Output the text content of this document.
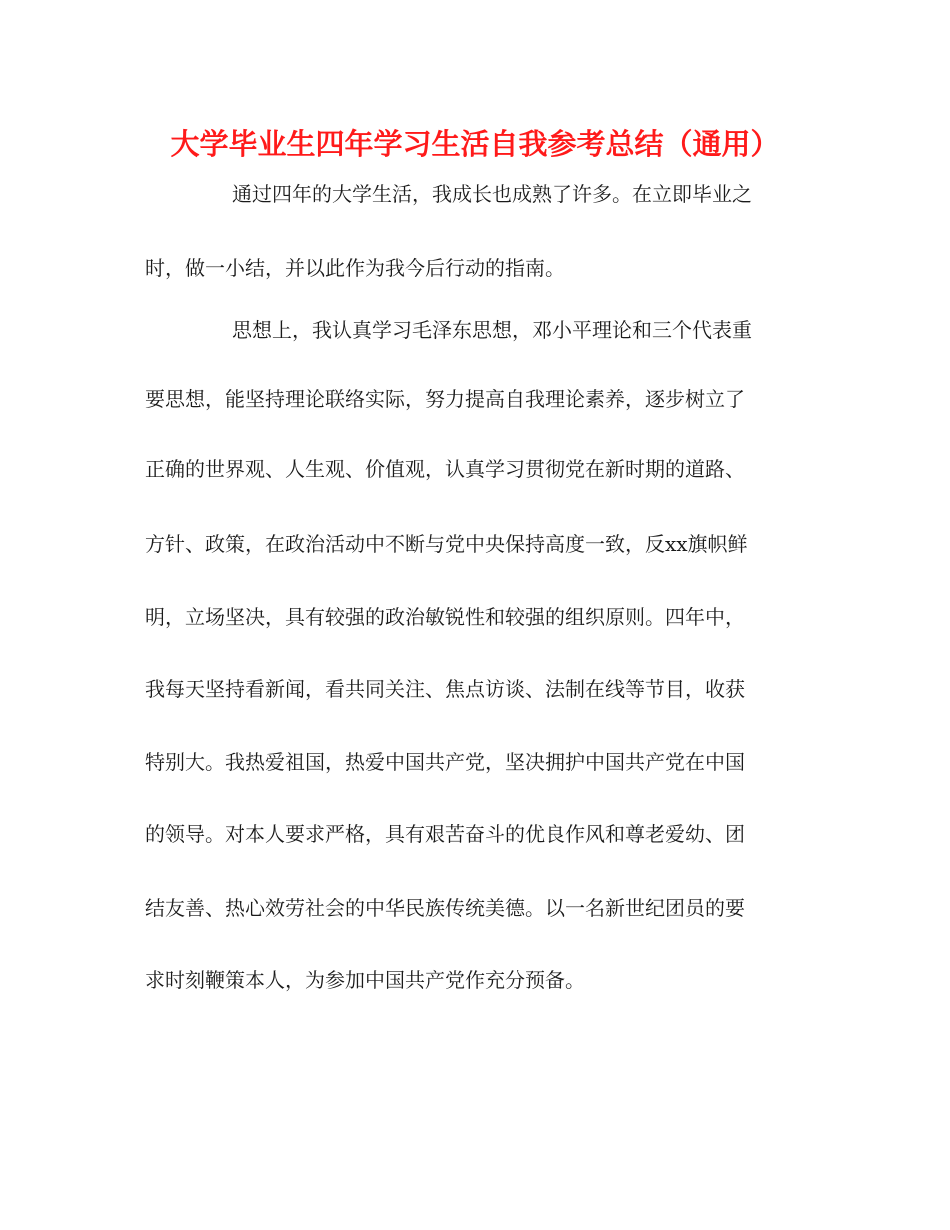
大学毕业生四年学习生活自我参考总结（通用）
通过四年的大学生活，我成长也成熟了许多。在立即毕业之
时，做一小结，并以此作为我今后行动的指南。
思想上，我认真学习毛泽东思想，邓小平理论和三个代表重
要思想，能坚持理论联络实际，努力提高自我理论素养，逐步树立了
正确的世界观、人生观、价值观，认真学习贯彻党在新时期的道路、
方针、政策，在政治活动中不断与党中央保持高度一致，反xx旗帜鲜
明，立场坚决，具有较强的政治敏锐性和较强的组织原则。四年中，
我每天坚持看新闻，看共同关注、焦点访谈、法制在线等节目，收获
特别大。我热爱祖国，热爱中国共产党，坚决拥护中国共产党在中国
的领导。对本人要求严格，具有艰苦奋斗的优良作风和尊老爱幼、团
结友善、热心效劳社会的中华民族传统美德。以一名新世纪团员的要
求时刻鞭策本人，为参加中国共产党作充分预备。
